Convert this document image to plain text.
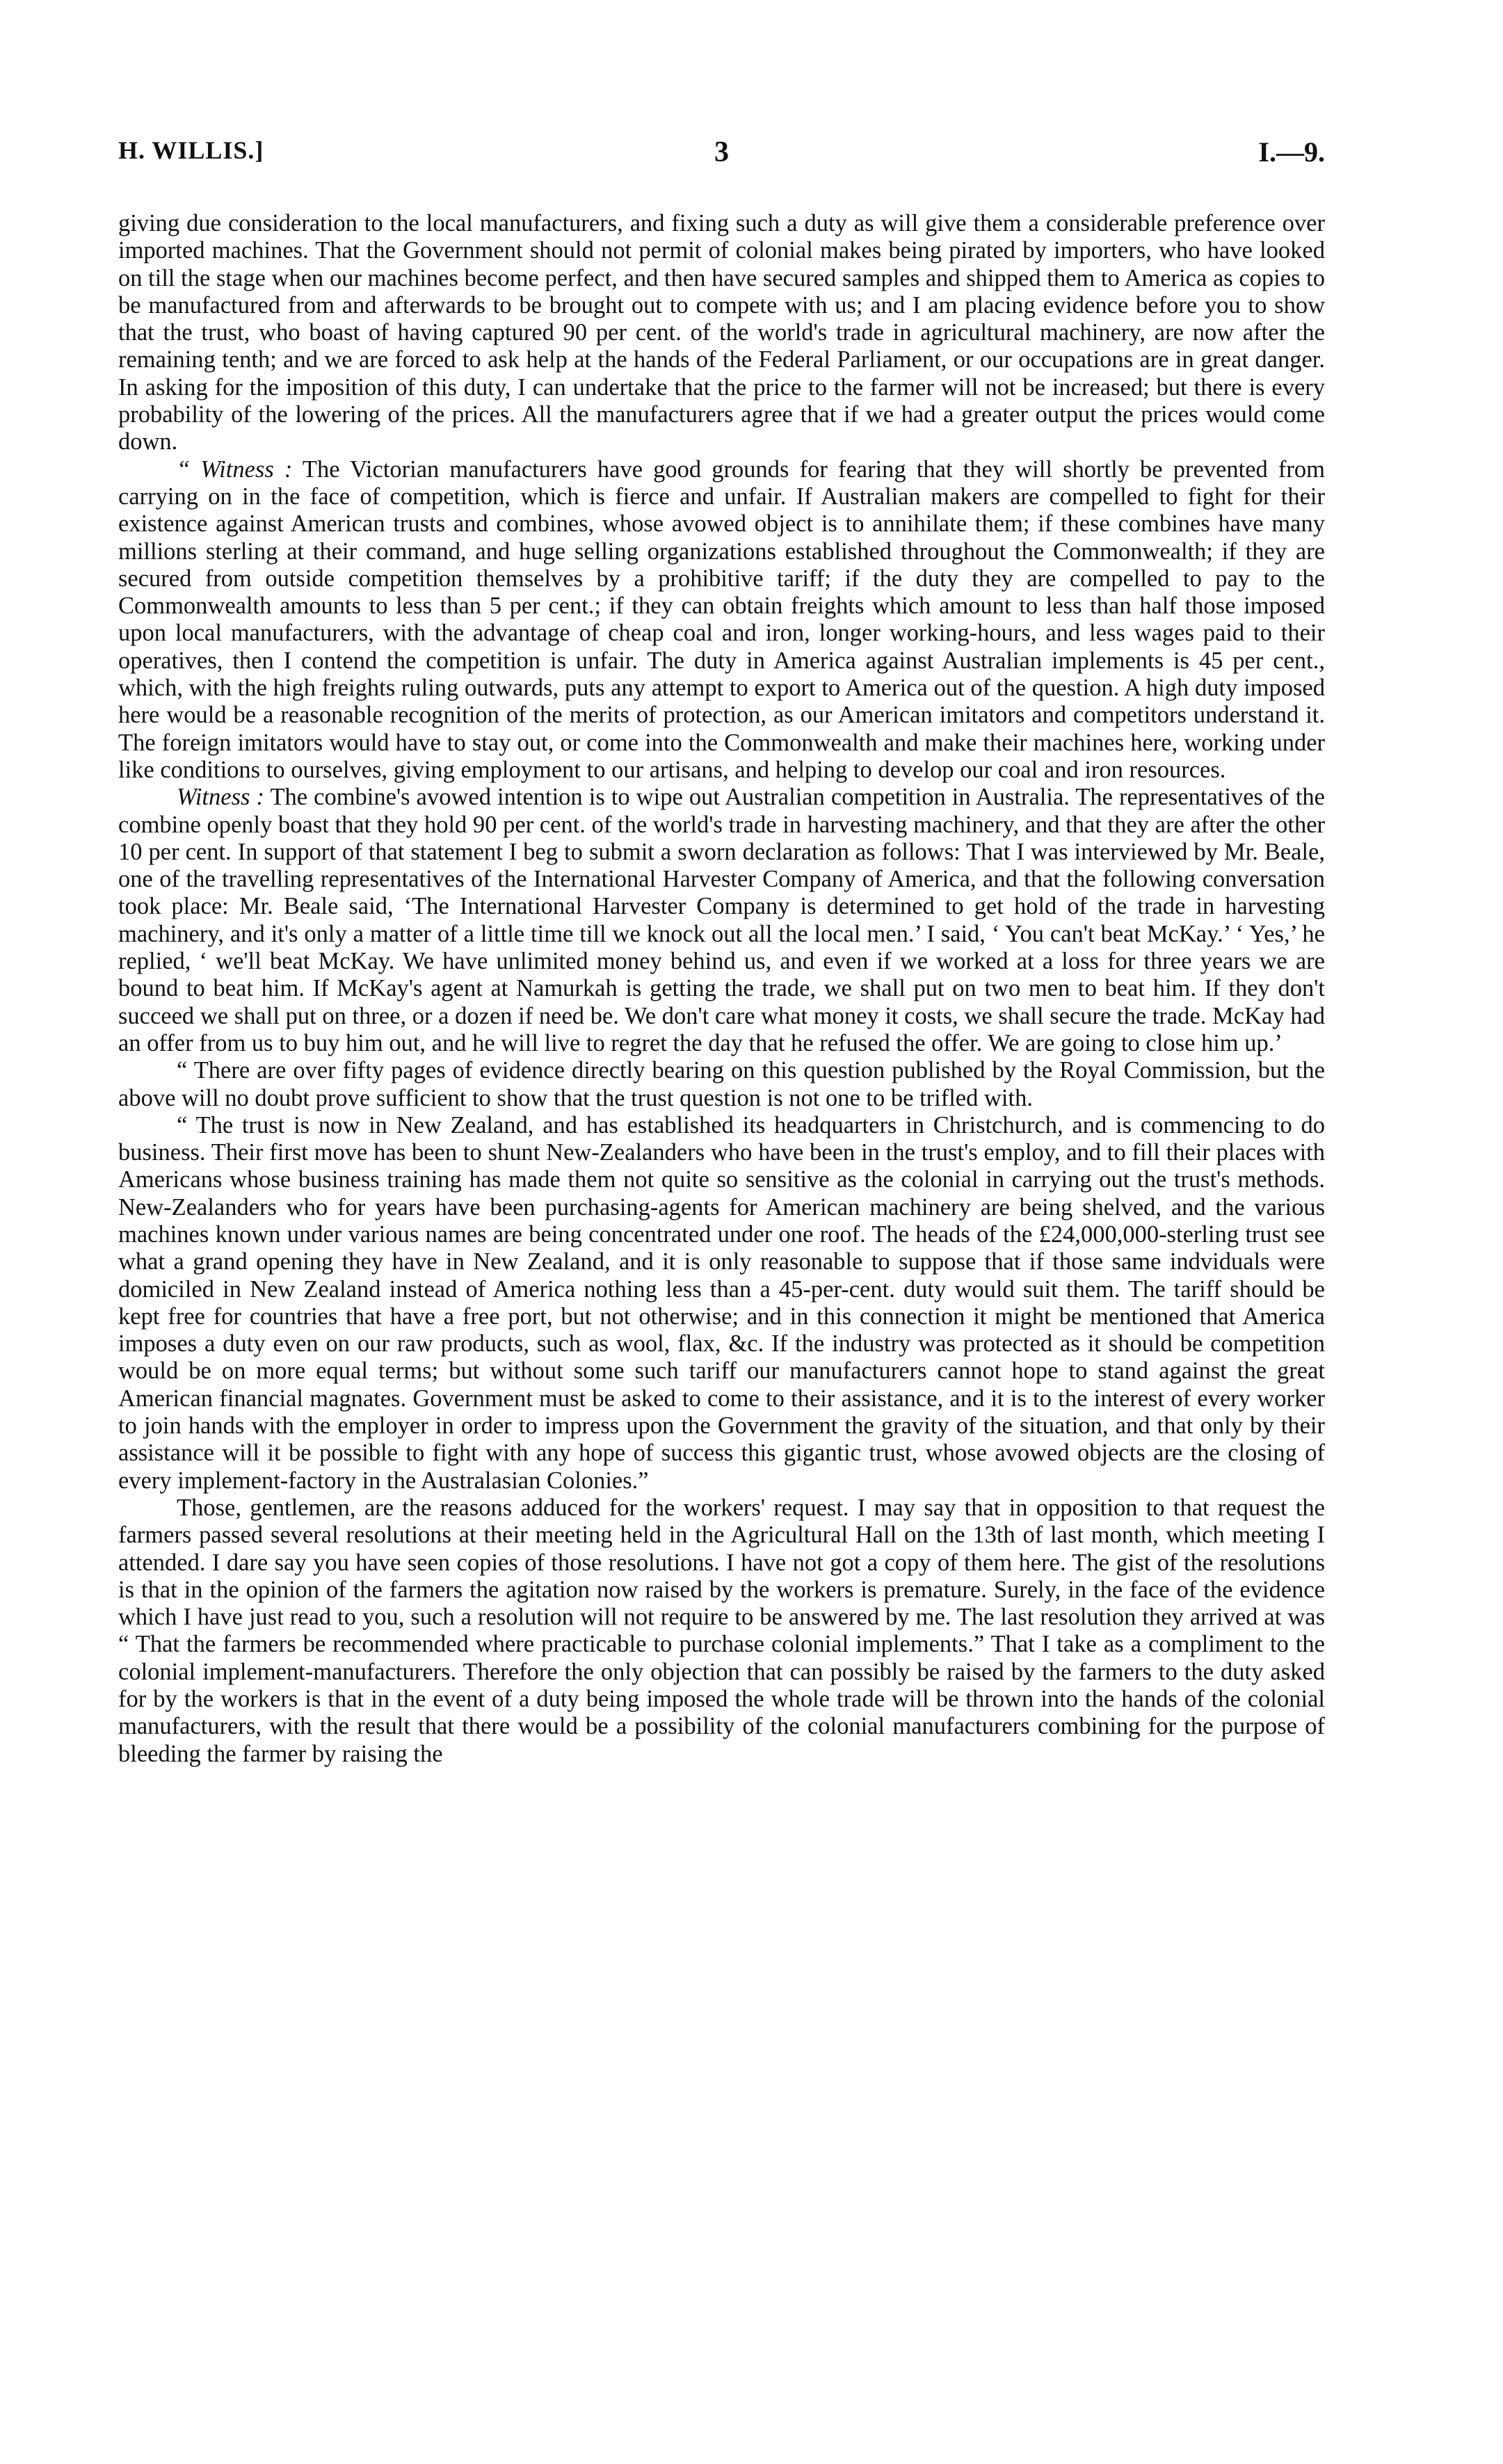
H. WILLIS.]	3	I.—9.

giving due consideration to the local manufacturers, and fixing such a duty as will give them a considerable preference over imported machines. That the Government should not permit of colonial makes being pirated by importers, who have looked on till the stage when our machines become perfect, and then have secured samples and shipped them to America as copies to be manufactured from and afterwards to be brought out to compete with us; and I am placing evidence before you to show that the trust, who boast of having captured 90 per cent. of the world's trade in agricultural machinery, are now after the remaining tenth; and we are forced to ask help at the hands of the Federal Parliament, or our occupations are in great danger. In asking for the imposition of this duty, I can undertake that the price to the farmer will not be increased; but there is every probability of the lowering of the prices. All the manufacturers agree that if we had a greater output the prices would come down.

“ Witness : The Victorian manufacturers have good grounds for fearing that they will shortly be prevented from carrying on in the face of competition, which is fierce and unfair. If Australian makers are compelled to fight for their existence against American trusts and combines, whose avowed object is to annihilate them; if these combines have many millions sterling at their command, and huge selling organizations established throughout the Commonwealth; if they are secured from outside competition themselves by a prohibitive tariff; if the duty they are compelled to pay to the Commonwealth amounts to less than 5 per cent.; if they can obtain freights which amount to less than half those imposed upon local manufacturers, with the advantage of cheap coal and iron, longer working-hours, and less wages paid to their operatives, then I contend the competition is unfair. The duty in America against Australian implements is 45 per cent., which, with the high freights ruling outwards, puts any attempt to export to America out of the question. A high duty imposed here would be a reasonable recognition of the merits of protection, as our American imitators and competitors understand it. The foreign imitators would have to stay out, or come into the Commonwealth and make their machines here, working under like conditions to ourselves, giving employment to our artisans, and helping to develop our coal and iron resources.

Witness : The combine's avowed intention is to wipe out Australian competition in Australia. The representatives of the combine openly boast that they hold 90 per cent. of the world's trade in harvesting machinery, and that they are after the other 10 per cent. In support of that statement I beg to submit a sworn declaration as follows: That I was interviewed by Mr. Beale, one of the travelling representatives of the International Harvester Company of America, and that the following conversation took place: Mr. Beale said, ‘The International Harvester Company is determined to get hold of the trade in harvesting machinery, and it's only a matter of a little time till we knock out all the local men.’ I said, ‘ You can't beat McKay.’ ‘ Yes,’ he replied, ‘ we'll beat McKay. We have unlimited money behind us, and even if we worked at a loss for three years we are bound to beat him. If McKay's agent at Namurkah is getting the trade, we shall put on two men to beat him. If they don't succeed we shall put on three, or a dozen if need be. We don't care what money it costs, we shall secure the trade. McKay had an offer from us to buy him out, and he will live to regret the day that he refused the offer. We are going to close him up.’

“ There are over fifty pages of evidence directly bearing on this question published by the Royal Commission, but the above will no doubt prove sufficient to show that the trust question is not one to be trifled with.

“ The trust is now in New Zealand, and has established its headquarters in Christchurch, and is commencing to do business. Their first move has been to shunt New-Zealanders who have been in the trust's employ, and to fill their places with Americans whose business training has made them not quite so sensitive as the colonial in carrying out the trust's methods. New-Zealanders who for years have been purchasing-agents for American machinery are being shelved, and the various machines known under various names are being concentrated under one roof. The heads of the £24,000,000-sterling trust see what a grand opening they have in New Zealand, and it is only reasonable to suppose that if those same indviduals were domiciled in New Zealand instead of America nothing less than a 45-per-cent. duty would suit them. The tariff should be kept free for countries that have a free port, but not otherwise; and in this connection it might be mentioned that America imposes a duty even on our raw products, such as wool, flax, &c. If the industry was protected as it should be competition would be on more equal terms; but without some such tariff our manufacturers cannot hope to stand against the great American financial magnates. Government must be asked to come to their assistance, and it is to the interest of every worker to join hands with the employer in order to impress upon the Government the gravity of the situation, and that only by their assistance will it be possible to fight with any hope of success this gigantic trust, whose avowed objects are the closing of every implement-factory in the Australasian Colonies.”

Those, gentlemen, are the reasons adduced for the workers' request. I may say that in opposition to that request the farmers passed several resolutions at their meeting held in the Agricultural Hall on the 13th of last month, which meeting I attended. I dare say you have seen copies of those resolutions. I have not got a copy of them here. The gist of the resolutions is that in the opinion of the farmers the agitation now raised by the workers is premature. Surely, in the face of the evidence which I have just read to you, such a resolution will not require to be answered by me. The last resolution they arrived at was “ That the farmers be recommended where practicable to purchase colonial implements.” That I take as a compliment to the colonial implement-manufacturers. Therefore the only objection that can possibly be raised by the farmers to the duty asked for by the workers is that in the event of a duty being imposed the whole trade will be thrown into the hands of the colonial manufacturers, with the result that there would be a possibility of the colonial manufacturers combining for the purpose of bleeding the farmer by raising the
